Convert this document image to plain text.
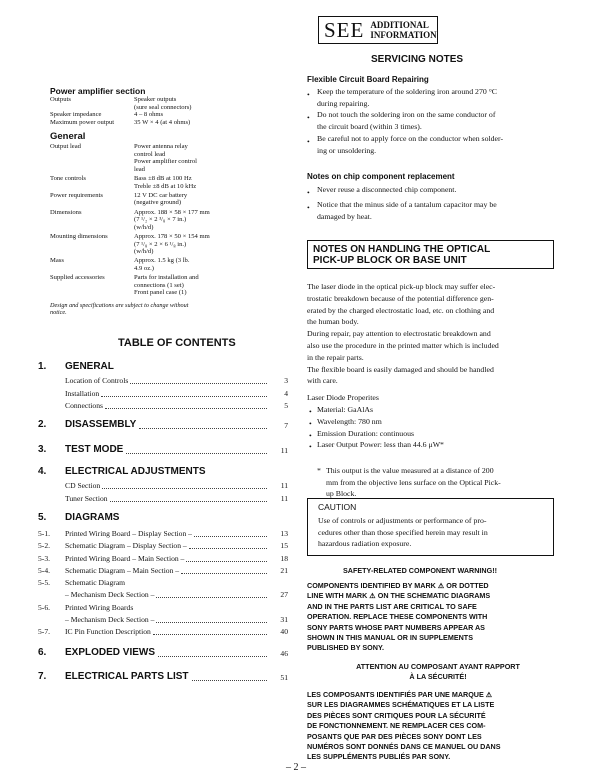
SEE ADDITIONAL
INFORMATION
SERVICING NOTES
Power amplifier section
Outputs	Speaker outputs
(sure seal connectors)
Speaker impedance	4 – 8 ohms
Maximum power output	35 W × 4 (at 4 ohms)
General
Output lead	Power antenna relay
control lead
Power amplifier control
lead
Tone controls	Bass ±8 dB at 100 Hz
Treble ±8 dB at 10 kHz
Power requirements	12 V DC car battery
(negative ground)
Dimensions	Approx. 188 × 58 × 177 mm
(7 ¹/₂ × 2 ³/₈ × 7 in.)
(w/h/d)
Mounting dimensions	Approx. 178 × 50 × 154 mm
(7 ¹/₈ × 2 × 6 ¹/₈ in.)
(w/h/d)
Mass	Approx. 1.5 kg (3 lb.
4.9 oz.)
Supplied accessories	Parts for installation and
connections (1 set)
Front panel case (1)
Design and specifications are subject to change without
notice.
TABLE OF CONTENTS
1. GENERAL
Location of Controls	3
Installation	4
Connections	5
2. DISASSEMBLY	7
3. TEST MODE	11
4. ELECTRICAL ADJUSTMENTS
CD Section	11
Tuner Section	11
5. DIAGRAMS
5-1. Printed Wiring Board – Display Section –	13
5-2. Schematic Diagram – Display Section –	15
5-3. Printed Wiring Board – Main Section –	18
5-4. Schematic Diagram – Main Section –	21
5-5. Schematic Diagram
– Mechanism Deck Section –	27
5-6. Printed Wiring Boards
– Mechanism Deck Section –	31
5-7. IC Pin Function Description	40
6. EXPLODED VIEWS	46
7. ELECTRICAL PARTS LIST	51
Flexible Circuit Board Repairing
• Keep the temperature of the soldering iron around 270 °C
during repairing.
• Do not touch the soldering iron on the same conductor of
the circuit board (within 3 times).
• Be careful not to apply force on the conductor when solder-
ing or unsoldering.
Notes on chip component replacement
• Never reuse a disconnected chip component.
• Notice that the minus side of a tantalum capacitor may be
damaged by heat.
NOTES ON HANDLING THE OPTICAL
PICK-UP BLOCK OR BASE UNIT
The laser diode in the optical pick-up block may suffer elec-
trostatic breakdown because of the potential difference gen-
erated by the charged electrostatic load, etc. on clothing and
the human body.
During repair, pay attention to electrostatic breakdown and
also use the procedure in the printed matter which is included
in the repair parts.
The flexible board is easily damaged and should be handled
with care.
Laser Diode Properites
• Material: GaAlAs
• Wavelength: 780 nm
• Emission Duration: continuous
• Laser Output Power: less than 44.6 μW*
* This output is the value measured at a distance of 200
mm from the objective lens surface on the Optical Pick-
up Block.
CAUTION
Use of controls or adjustments or performance of pro-
cedures other than those specified herein may result in
hazardous radiation exposure.
SAFETY-RELATED COMPONENT WARNING!!
COMPONENTS IDENTIFIED BY MARK ⚠ OR DOTTED
LINE WITH MARK ⚠ ON THE SCHEMATIC DIAGRAMS
AND IN THE PARTS LIST ARE CRITICAL TO SAFE
OPERATION. REPLACE THESE COMPONENTS WITH
SONY PARTS WHOSE PART NUMBERS APPEAR AS
SHOWN IN THIS MANUAL OR IN SUPPLEMENTS
PUBLISHED BY SONY.
ATTENTION AU COMPOSANT AYANT RAPPORT
À LA SÉCURITÉ!
LES COMPOSANTS IDENTIFIÉS PAR UNE MARQUE ⚠
SUR LES DIAGRAMMES SCHÉMATIQUES ET LA LISTE
DES PIÈCES SONT CRITIQUES POUR LA SÉCURITÉ
DE FONCTIONNEMENT. NE REMPLACER CES COM-
POSANTS QUE PAR DES PIÈCES SONY DONT LES
NUMÉROS SONT DONNÉS DANS CE MANUEL OU DANS
LES SUPPLÉMENTS PUBLIÉS PAR SONY.
– 2 –
